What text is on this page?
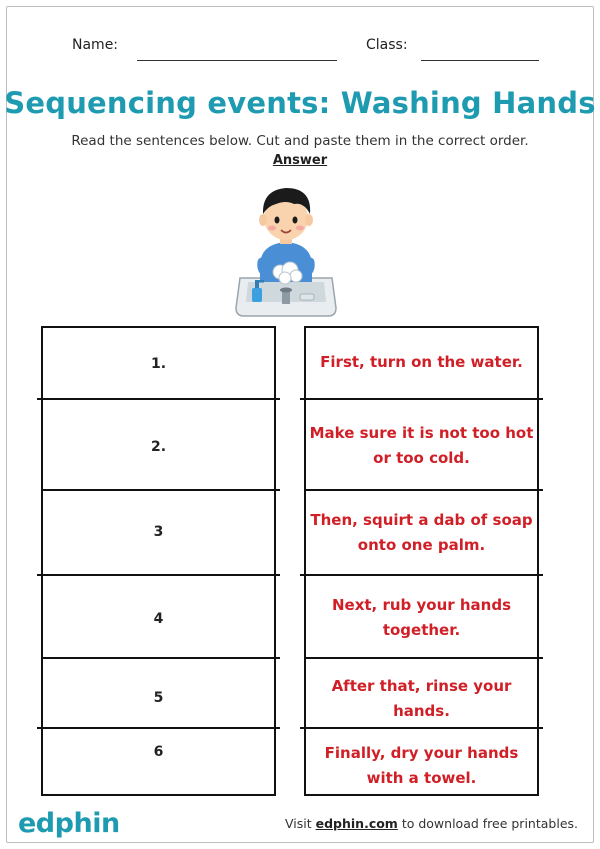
Name:	Class:
Sequencing events: Washing Hands
Read the sentences below. Cut and paste them in the correct order.
Answer
1.
2.
3
4
5
6
First, turn on the water.
Make sure it is not too hot
or too cold.
Then, squirt a dab of soap
onto one palm.
Next, rub your hands
together.
After that, rinse your
hands.
Finally, dry your hands
with a towel.
edphin	Visit edphin.com to download free printables.
